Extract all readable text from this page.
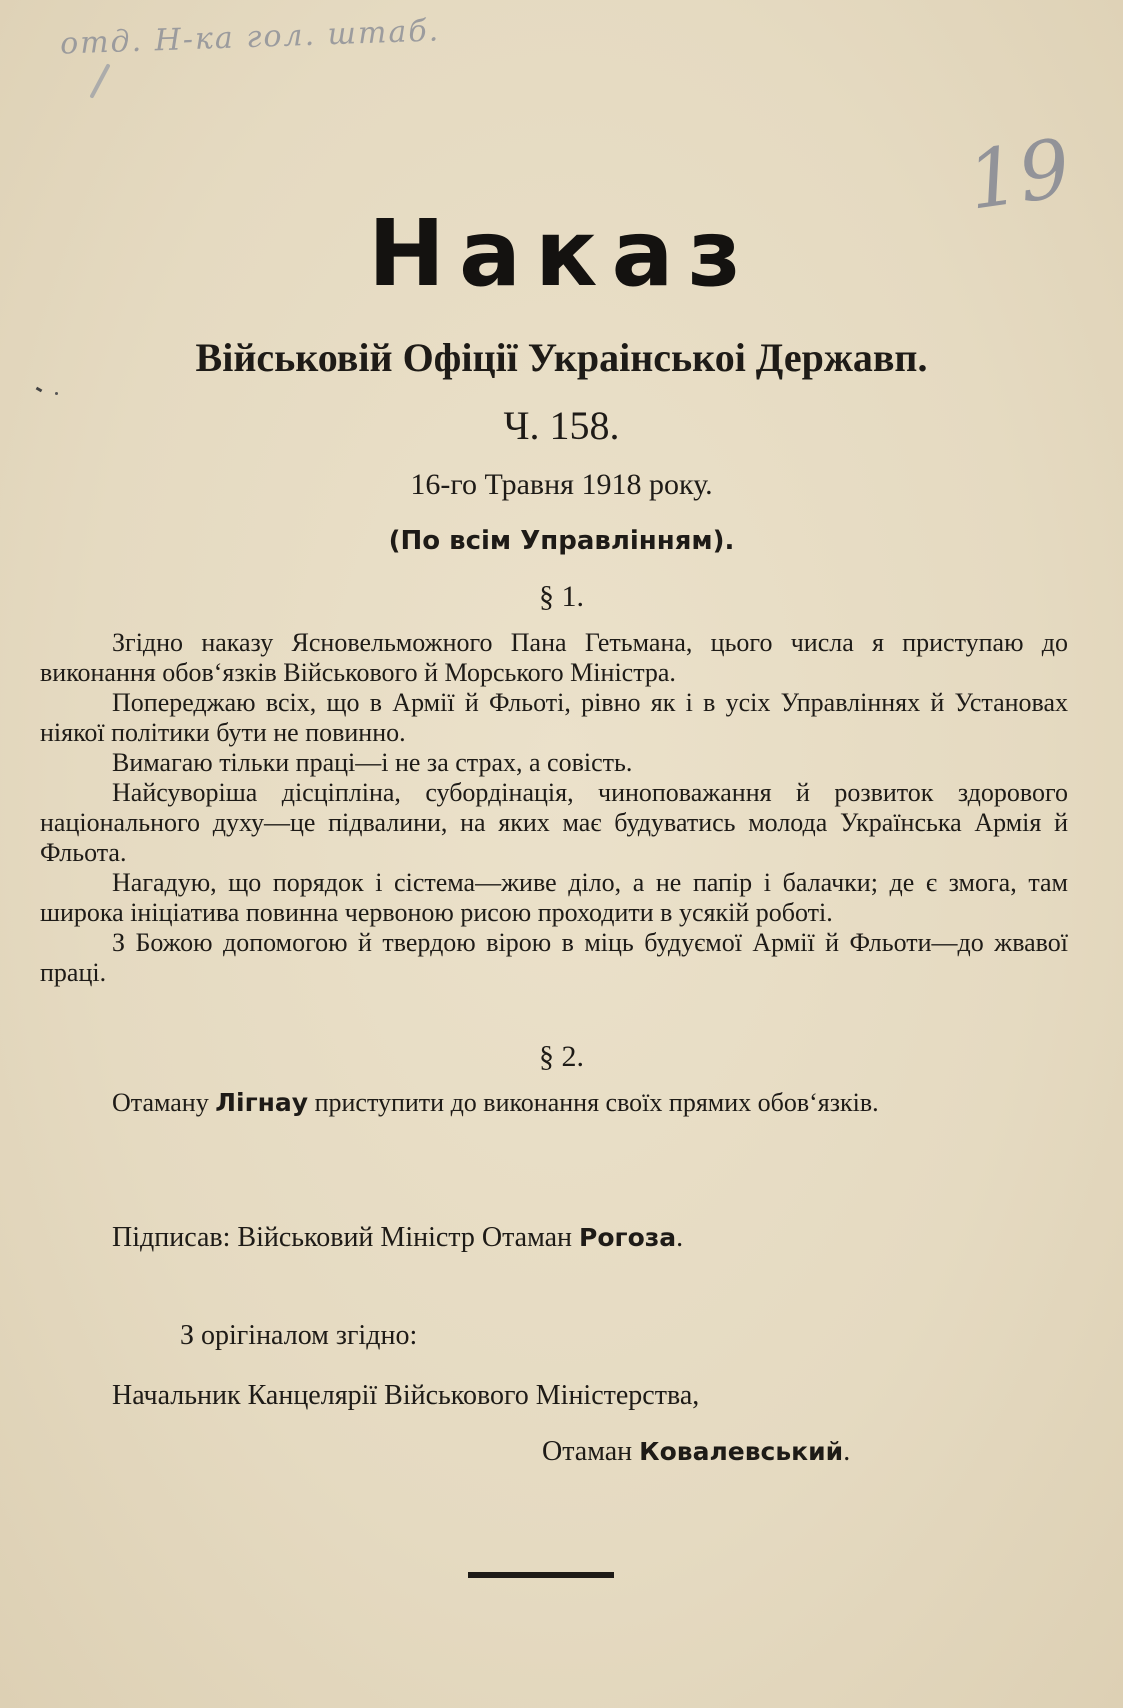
отд. Н-ка гол. штаб.
19
Наказ

Військовій Офіції Украінськоі Державп.

Ч. 158.

16-го Травня 1918 року.

(По всім Управлінням).

§ 1.

Згідно наказу Ясновельможного Пана Гетьмана, цього числа я приступаю до виконання обов‘язків Військового й Морського Міністра.

Попереджаю всіх, що в Армії й Фльоті, рівно як і в усіх Управліннях й Установах ніякої політики бути не повинно.

Вимагаю тільки праці—і не за страх, а совість.

Найсуворіша дісціпліна, субордінація, чиноповажання й розвиток здорового національного духу—це підвалини, на яких має будуватись молода Українська Армія й Фльота.

Нагадую, що порядок і сістема—живе діло, а не папір і балачки; де є змога, там широка ініціатива повинна червоною рисою проходити в усякій роботі.

З Божою допомогою й твердою вірою в міць будуємої Армії й Фльоти—до жвавої праці.

§ 2.

Отаману Лігнау приступити до виконання своїх прямих обов‘язків.

Підписав: Військовий Міністр Отаман Рогоза.

З орігіналом згідно:

Начальник Канцелярії Військового Міністерства,

Отаман Ковалевський.
